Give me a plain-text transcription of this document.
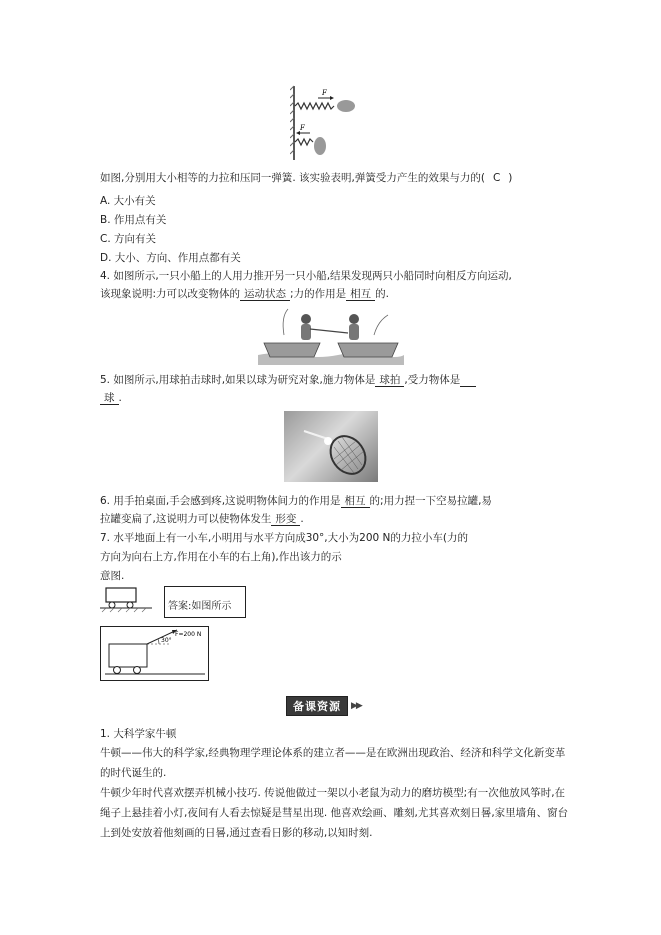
F
F
如图,分别用大小相等的力拉和压同一弹簧. 该实验表明,弹簧受力产生的效果与力的( C )
A. 大小有关
B. 作用点有关
C. 方向有关
D. 大小、方向、作用点都有关
4. 如图所示,一只小船上的人用力推开另一只小船,结果发现两只小船同时向相反方向运动,
该现象说明:力可以改变物体的 运动状态 ;力的作用是 相互 的.
5. 如图所示,用球拍击球时,如果以球为研究对象,施力物体是 球拍 ,受力物体是
球 .
6. 用手拍桌面,手会感到疼,这说明物体间力的作用是 相互 的;用力捏一下空易拉罐,易
拉罐变扁了,这说明力可以使物体发生 形变 .
7. 水平地面上有一小车,小明用与水平方向成30°,大小为200 N的力拉小车(力的
方向为向右上方,作用在小车的右上角),作出该力的示
意图.
答案:如图所示
30°
F=200 N
备课资源	▶▶
1. 大科学家牛顿
牛顿——伟大的科学家,经典物理学理论体系的建立者——是在欧洲出现政治、经济和科学文化新变革的时代诞生的.
牛顿少年时代喜欢摆弄机械小技巧. 传说他做过一架以小老鼠为动力的磨坊模型;有一次他放风筝时,在绳子上悬挂着小灯,夜间有人看去惊疑是彗星出现. 他喜欢绘画、雕刻,尤其喜欢刻日晷,家里墙角、窗台上到处安放着他刻画的日晷,通过查看日影的移动,以知时刻.
